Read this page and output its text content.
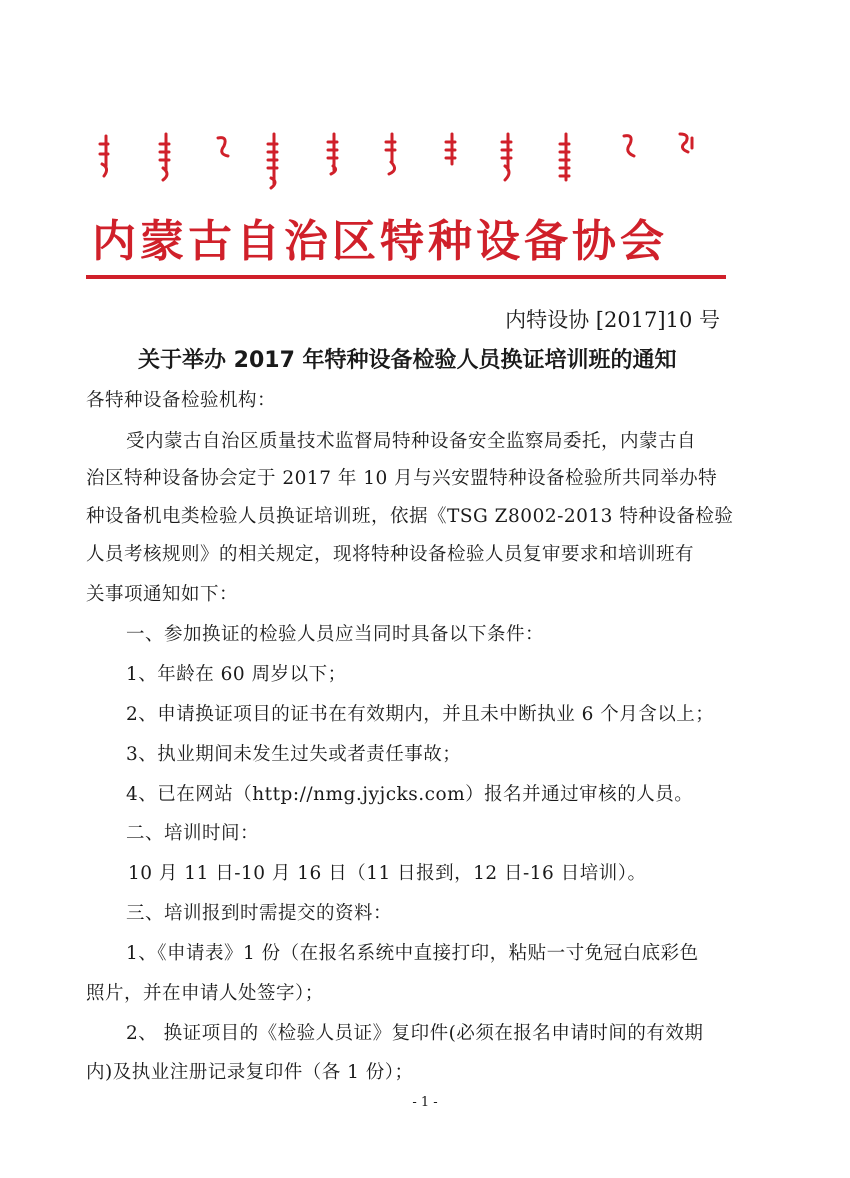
内蒙古自治区特种设备协会
内特设协 [2017]10 号
关于举办 2017 年特种设备检验人员换证培训班的通知
各特种设备检验机构：
受内蒙古自治区质量技术监督局特种设备安全监察局委托，内蒙古自
治区特种设备协会定于 2017 年 10 月与兴安盟特种设备检验所共同举办特
种设备机电类检验人员换证培训班，依据《TSG Z8002-2013 特种设备检验
人员考核规则》的相关规定，现将特种设备检验人员复审要求和培训班有
关事项通知如下：
一、参加换证的检验人员应当同时具备以下条件：
1、年龄在 60 周岁以下；
2、申请换证项目的证书在有效期内，并且未中断执业 6 个月含以上；
3、执业期间未发生过失或者责任事故；
4、已在网站（http://nmg.jyjcks.com）报名并通过审核的人员。
二、培训时间：
10 月 11 日-10 月 16 日（11 日报到，12 日-16 日培训）。
三、培训报到时需提交的资料：
1、《申请表》1 份（在报名系统中直接打印，粘贴一寸免冠白底彩色
照片，并在申请人处签字）；
2、 换证项目的《检验人员证》复印件(必须在报名申请时间的有效期
内)及执业注册记录复印件（各 1 份）；
- 1 -
